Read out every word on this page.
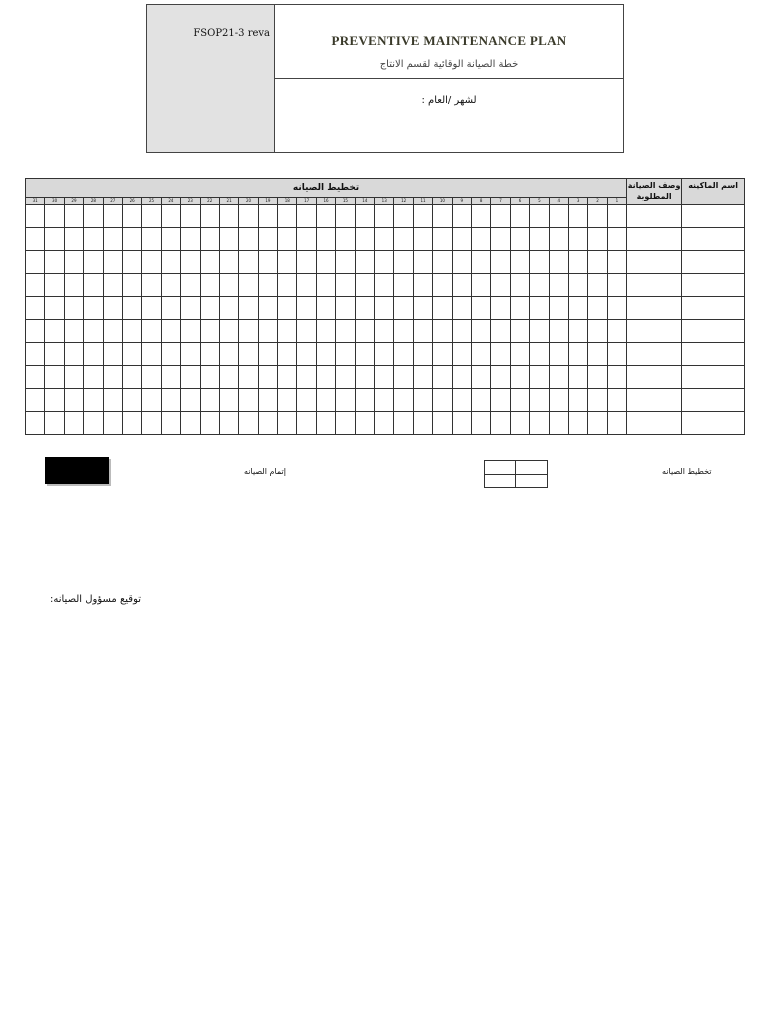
FSOP21-3 reva	PREVENTIVE MAINTENANCE PLAN
خطة الصيانة الوقائية لقسم الانتاج
لشهر /العام :
تخطيط الصيانه																															وصف الصيانة المطلوبة	اسم الماكينه
31	30	29	28	27	26	25	24	23	22	21	20	19	18	17	16	15	14	13	12	11	10	9	8	7	6	5	4	3	2	1		

تخطيط الصيانه
إتمام الصيانه
توقيع مسؤول الصيانه:
